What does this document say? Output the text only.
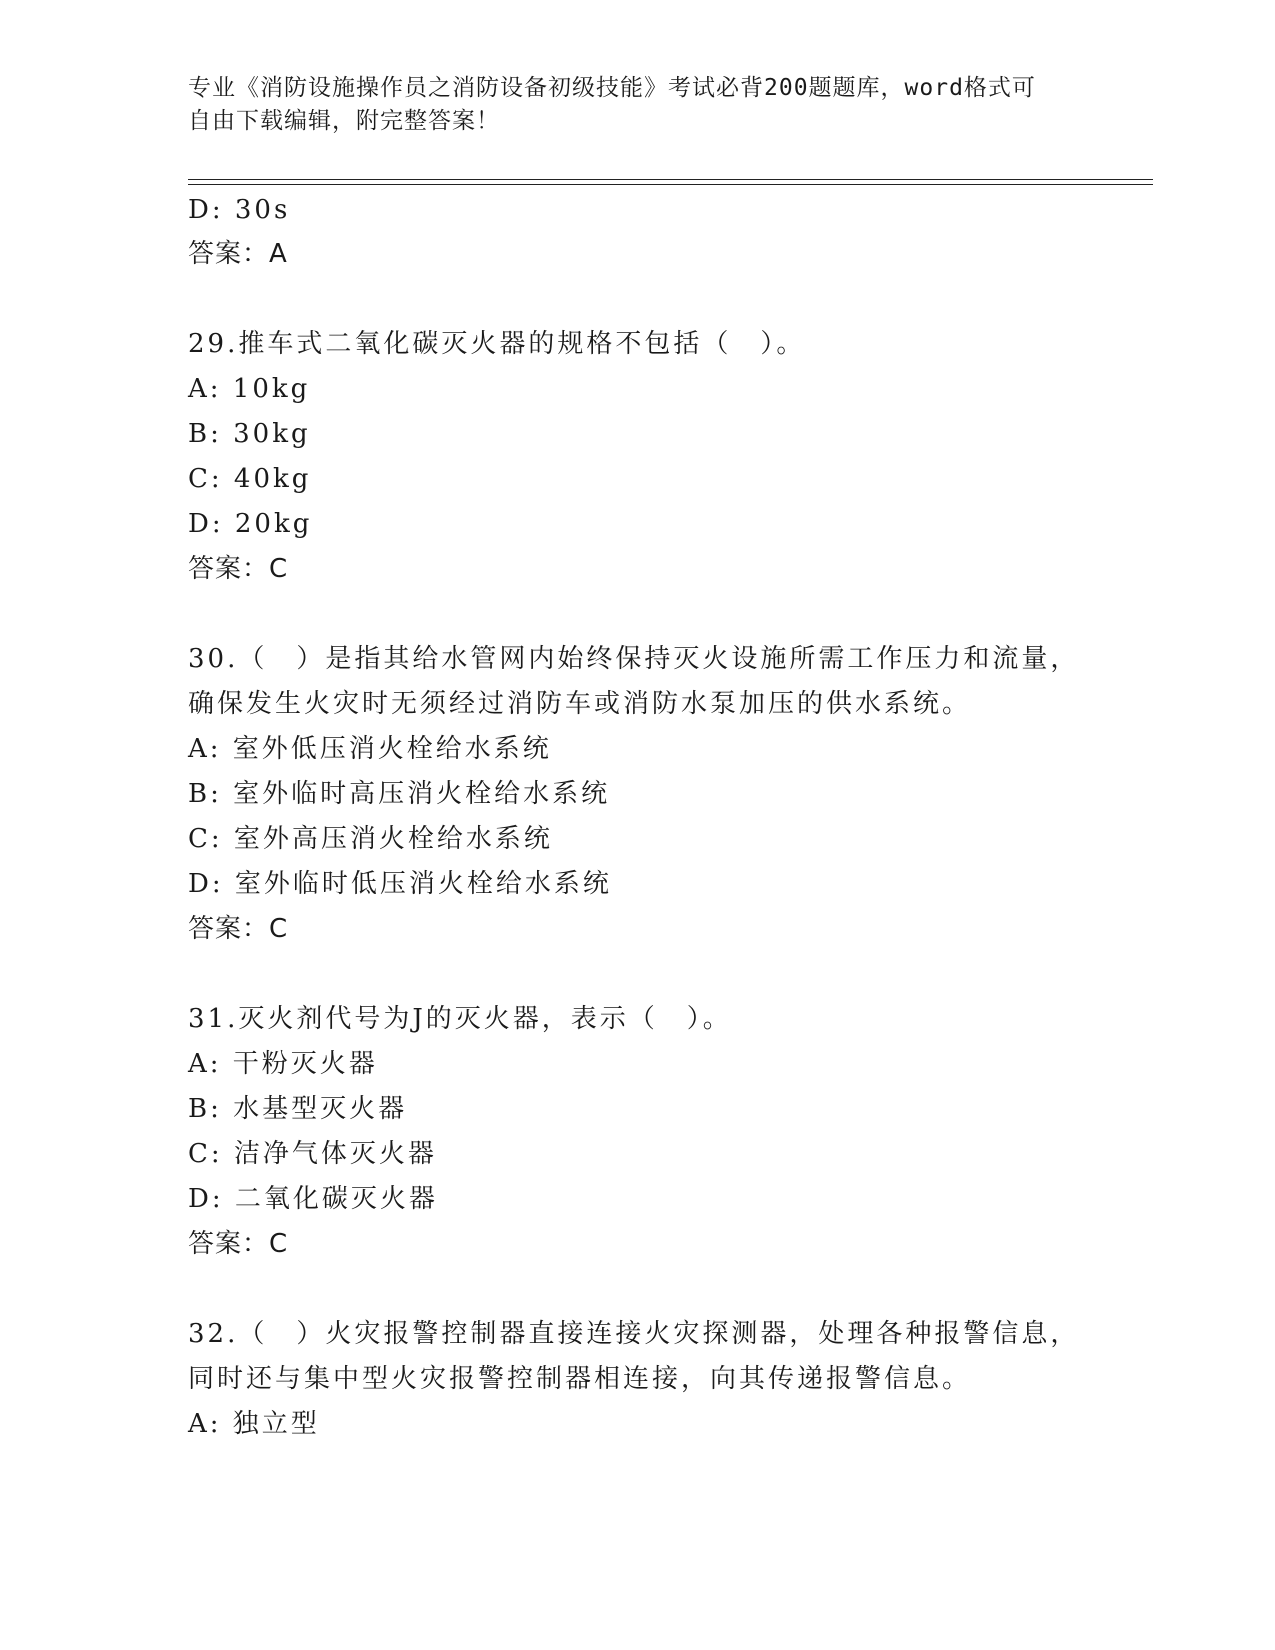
专业《消防设施操作员之消防设备初级技能》考试必背200题题库，word格式可
自由下载编辑，附完整答案！
D: 30s
答案：A
29.推车式二氧化碳灭火器的规格不包括（　）。
A: 10kg
B: 30kg
C: 40kg
D: 20kg
答案：C
30.（　）是指其给水管网内始终保持灭火设施所需工作压力和流量，
确保发生火灾时无须经过消防车或消防水泵加压的供水系统。
A: 室外低压消火栓给水系统
B: 室外临时高压消火栓给水系统
C: 室外高压消火栓给水系统
D: 室外临时低压消火栓给水系统
答案：C
31.灭火剂代号为J的灭火器，表示（　）。
A: 干粉灭火器
B: 水基型灭火器
C: 洁净气体灭火器
D: 二氧化碳灭火器
答案：C
32.（　）火灾报警控制器直接连接火灾探测器，处理各种报警信息，
同时还与集中型火灾报警控制器相连接，向其传递报警信息。
A: 独立型
